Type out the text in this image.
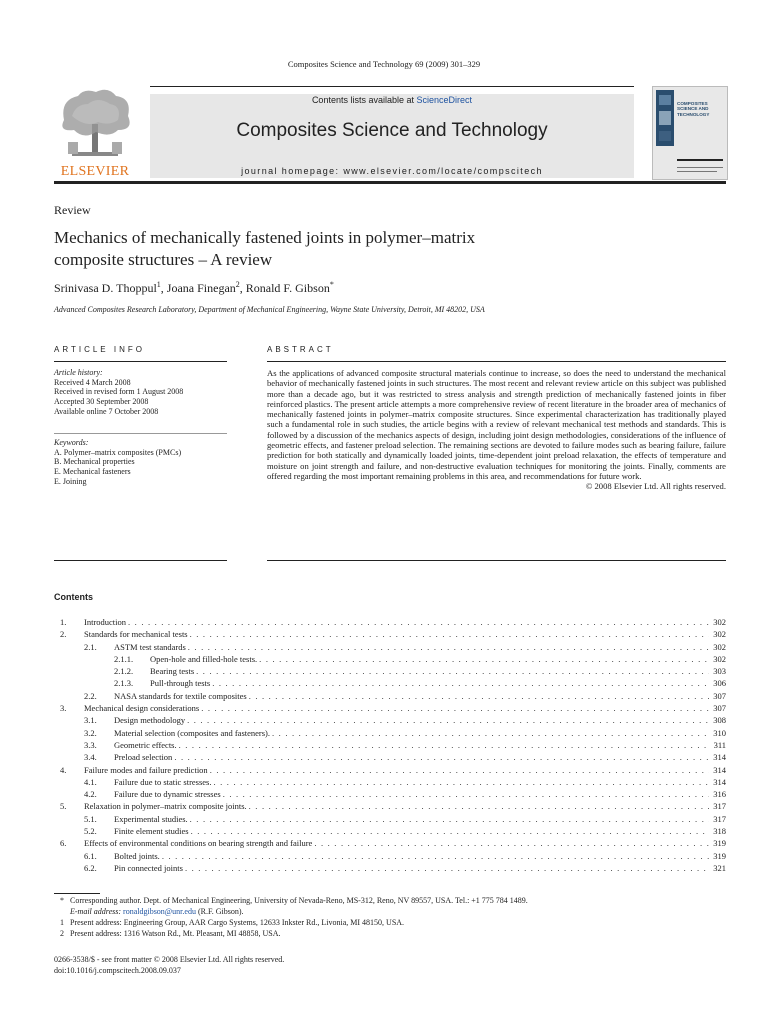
Composites Science and Technology 69 (2009) 301–329
ELSEVIER
Contents lists available at ScienceDirect
Composites Science and Technology
journal homepage: www.elsevier.com/locate/compscitech
COMPOSITES
SCIENCE AND
TECHNOLOGY
Review
Mechanics of mechanically fastened joints in polymer–matrix
composite structures – A review
Srinivasa D. Thoppul$^1$, Joana Finegan$^2$, Ronald F. Gibson*
Advanced Composites Research Laboratory, Department of Mechanical Engineering, Wayne State University, Detroit, MI 48202, USA
ARTICLE INFO	ABSTRACT
Article history:
Received 4 March 2008
Received in revised form 1 August 2008
Accepted 30 September 2008
Available online 7 October 2008
Keywords:
A. Polymer–matrix composites (PMCs)
B. Mechanical properties
E. Mechanical fasteners
E. Joining
As the applications of advanced composite structural materials continue to increase, so does the need to understand the mechanical behavior of mechanically fastened joints in such structures. The most recent and relevant review article on this subject was published more than a decade ago, but it was restricted to stress analysis and strength prediction of mechanically fastened joints in fiber reinforced plastics. The present article attempts a more comprehensive review of recent literature in the broader area of mechanics of mechanically fastened joints in polymer–matrix composite structures. Since experimental characterization has traditionally played such a fundamental role in such studies, the article begins with a review of relevant mechanical test methods and standards. This is followed by a discussion of the mechanics aspects of design, including joint design methodologies, considerations of the influence of geometric effects, and fastener preload selection. The remaining sections are devoted to failure modes such as bearing failure, failure prediction for both statically and dynamically loaded joints, time-dependent joint preload relaxation, the effects of temperature and moisture on joint strength and failure, and non-destructive evaluation techniques for monitoring the joints. Finally, comments are offered regarding the most important remaining problems in this area, and recommendations for future work.
© 2008 Elsevier Ltd. All rights reserved.
Contents
1. Introduction . . .	302
2. Standards for mechanical tests . . .	302
2.1. ASTM test standards . . .	302
2.1.1. Open-hole and filled-hole tests. . . .	302
2.1.2. Bearing tests . . .	303
2.1.3. Pull-through tests . . .	306
2.2. NASA standards for textile composites . . .	307
3. Mechanical design considerations . . .	307
3.1. Design methodology . . .	308
3.2. Material selection (composites and fasteners). . . .	310
3.3. Geometric effects. . . .	311
3.4. Preload selection . . .	314
4. Failure modes and failure prediction . . .	314
4.1. Failure due to static stresses. . . .	314
4.2. Failure due to dynamic stresses . . .	316
5. Relaxation in polymer–matrix composite joints. . . .	317
5.1. Experimental studies. . . .	317
5.2. Finite element studies . . .	318
6. Effects of environmental conditions on bearing strength and failure . . .	319
6.1. Bolted joints. . . .	319
6.2. Pin connected joints . . .	321
* Corresponding author. Dept. of Mechanical Engineering, University of Nevada-Reno, MS-312, Reno, NV 89557, USA. Tel.: +1 775 784 1489.
E-mail address: ronaldgibson@unr.edu (R.F. Gibson).
1 Present address: Engineering Group, AAR Cargo Systems, 12633 Inkster Rd., Livonia, MI 48150, USA.
2 Present address: 1316 Watson Rd., Mt. Pleasant, MI 48858, USA.
0266-3538/$ - see front matter © 2008 Elsevier Ltd. All rights reserved.
doi:10.1016/j.compscitech.2008.09.037
